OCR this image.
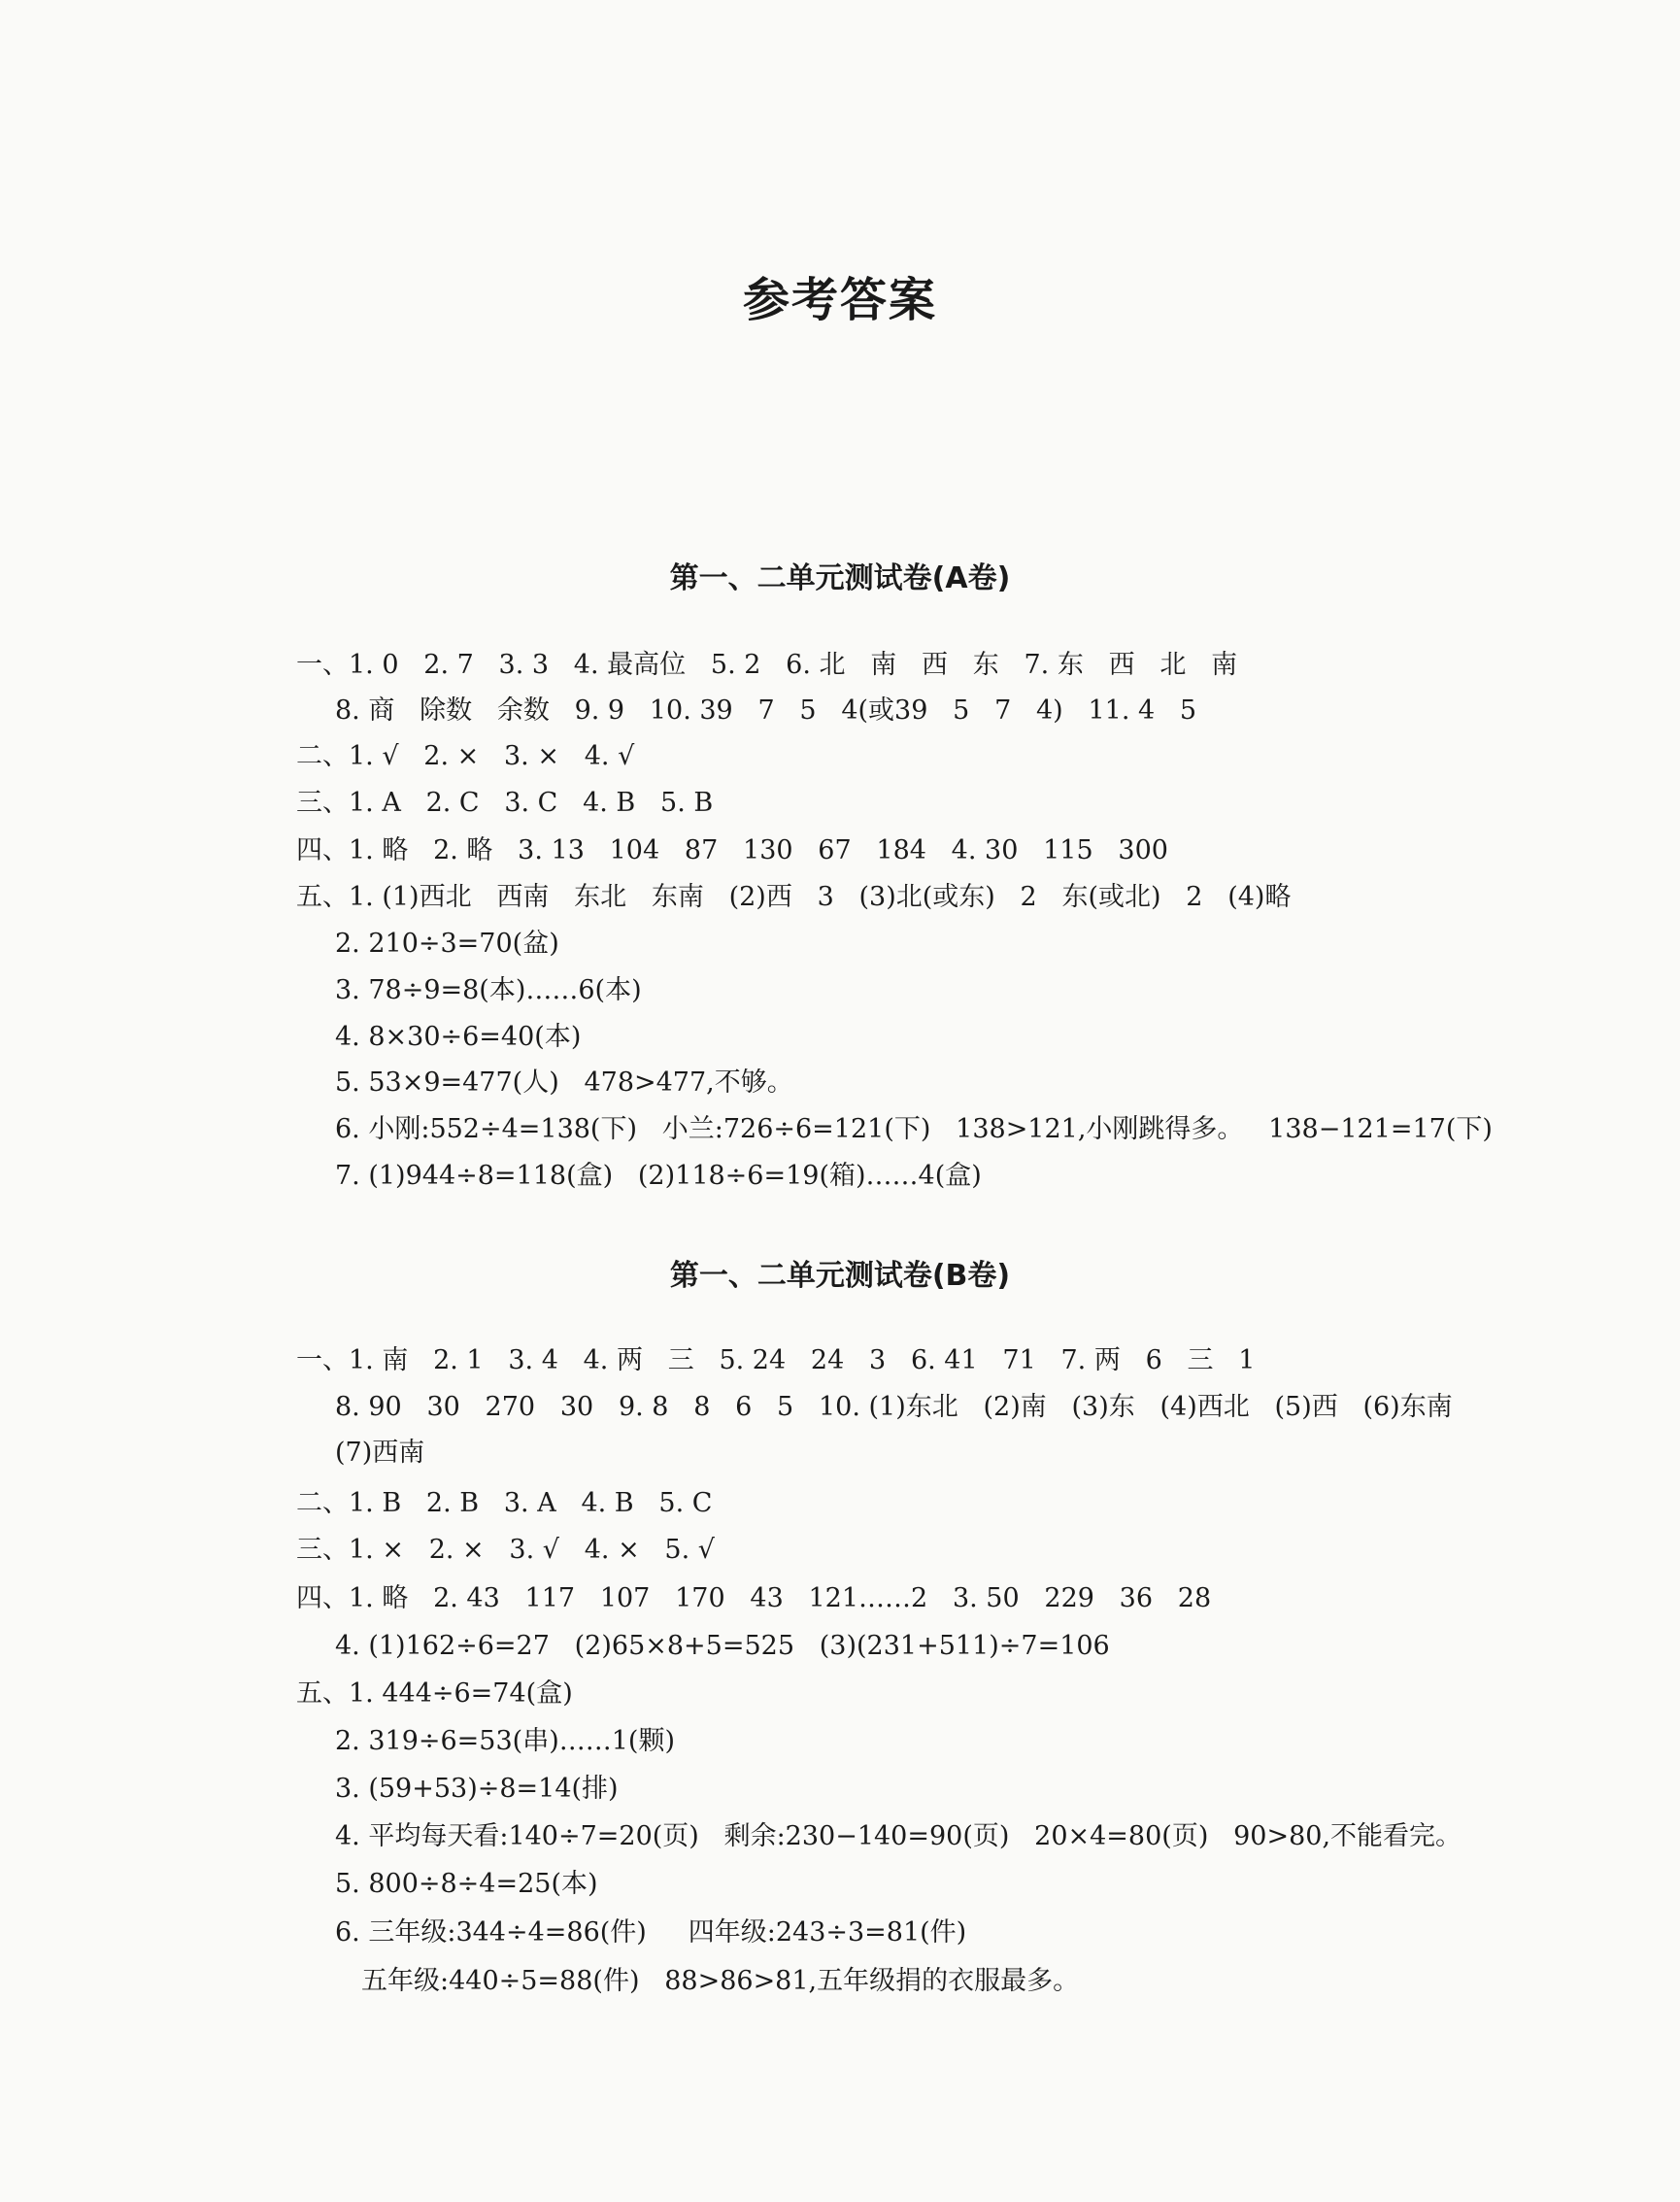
参考答案
第一、二单元测试卷(A卷)

一、1. 0   2. 7   3. 3   4. 最高位   5. 2   6. 北   南   西   东   7. 东   西   北   南

8. 商   除数   余数   9. 9   10. 39   7   5   4(或39   5   7   4)   11. 4   5

二、1. √   2. ×   3. ×   4. √

三、1. A   2. C   3. C   4. B   5. B

四、1. 略   2. 略   3. 13   104   87   130   67   184   4. 30   115   300

五、1. (1)西北   西南   东北   东南   (2)西   3   (3)北(或东)   2   东(或北)   2   (4)略

2. 210÷3=70(盆)

3. 78÷9=8(本)……6(本)

4. 8×30÷6=40(本)

5. 53×9=477(人)   478>477,不够。

6. 小刚:552÷4=138(下)   小兰:726÷6=121(下)   138>121,小刚跳得多。   138−121=17(下)

7. (1)944÷8=118(盒)   (2)118÷6=19(箱)……4(盒)

第一、二单元测试卷(B卷)

一、1. 南   2. 1   3. 4   4. 两   三   5. 24   24   3   6. 41   71   7. 两   6   三   1

8. 90   30   270   30   9. 8   8   6   5   10. (1)东北   (2)南   (3)东   (4)西北   (5)西   (6)东南

(7)西南

二、1. B   2. B   3. A   4. B   5. C

三、1. ×   2. ×   3. √   4. ×   5. √

四、1. 略   2. 43   117   107   170   43   121……2   3. 50   229   36   28

4. (1)162÷6=27   (2)65×8+5=525   (3)(231+511)÷7=106

五、1. 444÷6=74(盒)

2. 319÷6=53(串)……1(颗)

3. (59+53)÷8=14(排)

4. 平均每天看:140÷7=20(页)   剩余:230−140=90(页)   20×4=80(页)   90>80,不能看完。

5. 800÷8÷4=25(本)

6. 三年级:344÷4=86(件)     四年级:243÷3=81(件)

五年级:440÷5=88(件)   88>86>81,五年级捐的衣服最多。
